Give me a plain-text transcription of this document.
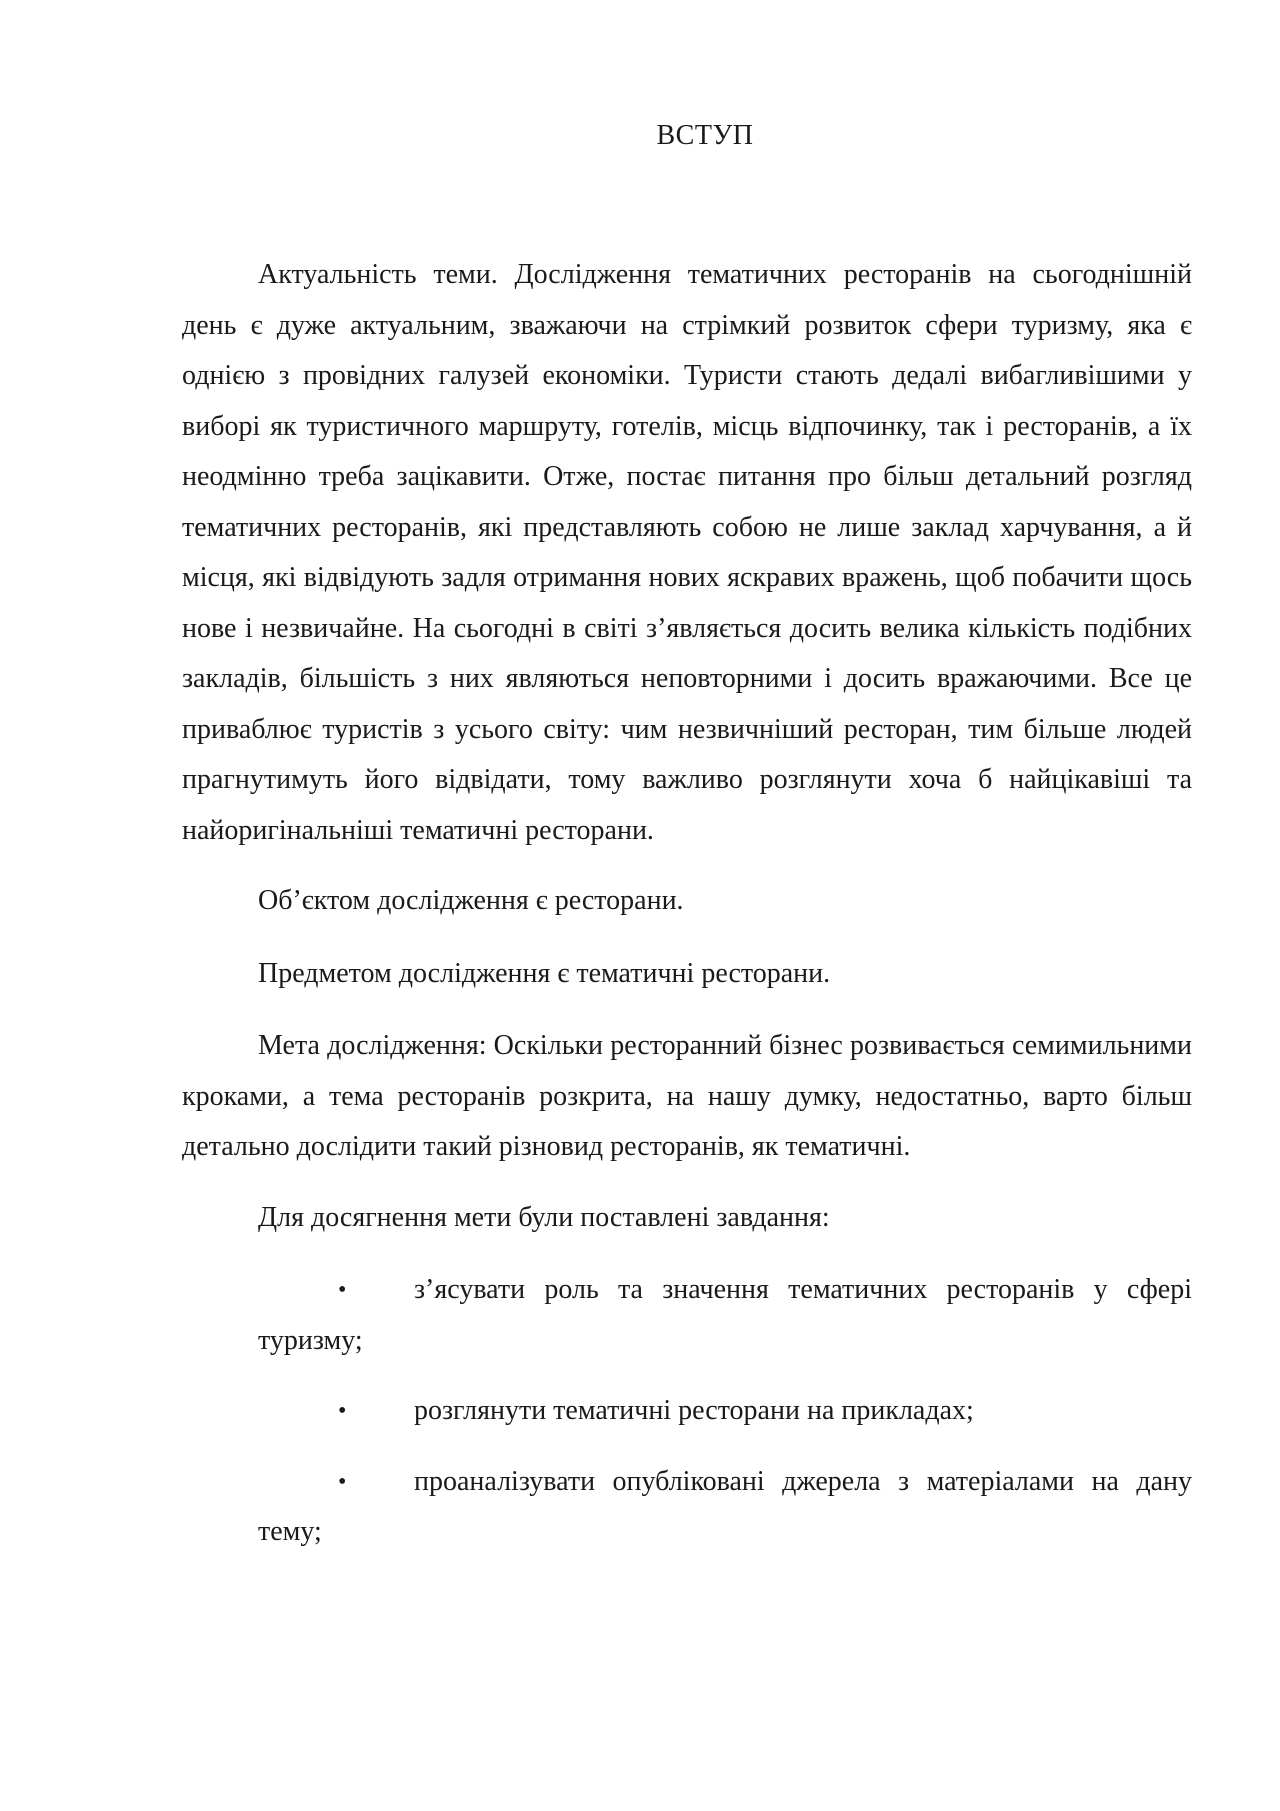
ВСТУП

Актуальність теми. Дослідження тематичних ресторанів на сьогоднішній день є дуже актуальним, зважаючи на стрімкий розвиток сфери туризму, яка є однією з провідних галузей економіки. Туристи стають дедалі вибагливішими у виборі як туристичного маршруту, готелів, місць відпочинку, так і ресторанів, а їх неодмінно треба зацікавити. Отже, постає питання про більш детальний розгляд тематичних ресторанів, які представляють собою не лише заклад харчування, а й місця, які відвідують задля отримання нових яскравих вражень, щоб побачити щось нове і незвичайне. На сьогодні в світі з’являється досить велика кількість подібних закладів, більшість з них являються неповторними і досить вражаючими. Все це приваблює туристів з усього світу: чим незвичніший ресторан, тим більше людей прагнутимуть його відвідати, тому важливо розглянути хоча б найцікавіші та найоригінальніші тематичні ресторани.

Об’єктом дослідження є ресторани.

Предметом дослідження є тематичні ресторани.

Мета дослідження: Оскільки ресторанний бізнес розвивається семимильними кроками, а тема ресторанів розкрита, на нашу думку, недостатньо, варто більш детально дослідити такий різновид ресторанів, як тематичні.

Для досягнення мети були поставлені завдання:

• з’ясувати роль та значення тематичних ресторанів у сфері туризму;
• розглянути тематичні ресторани на прикладах;
• проаналізувати опубліковані джерела з матеріалами на дану тему;
